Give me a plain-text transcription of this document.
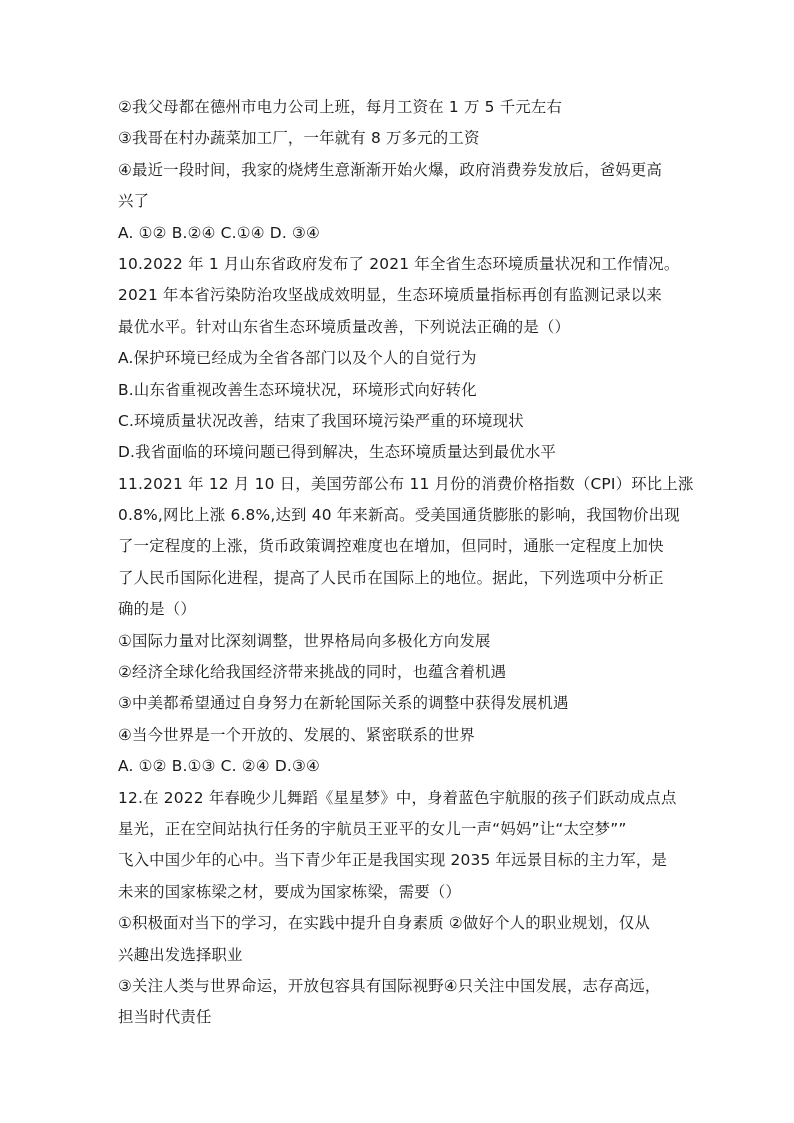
②我父母都在德州市电力公司上班，每月工资在 1 万 5 千元左右
③我哥在村办蔬菜加工厂，一年就有 8 万多元的工资
④最近一段时间，我家的烧烤生意渐渐开始火爆，政府消费券发放后，爸妈更高
兴了
A. ①② B.②④ C.①④ D. ③④
10.2022 年 1 月山东省政府发布了 2021 年全省生态环境质量状况和工作情况。
2021 年本省污染防治攻坚战成效明显，生态环境质量指标再创有监测记录以来
最优水平。针对山东省生态环境质量改善，下列说法正确的是（）
A.保护环境已经成为全省各部门以及个人的自觉行为
B.山东省重视改善生态环境状况，环境形式向好转化
C.环境质量状况改善，结束了我国环境污染严重的环境现状
D.我省面临的环境问题已得到解决，生态环境质量达到最优水平
11.2021 年 12 月 10 日，美国劳部公布 11 月份的消费价格指数（CPI）环比上涨
0.8%,网比上涨 6.8%,达到 40 年来新高。受美国通货膨胀的影响，我国物价出现
了一定程度的上涨，货币政策调控难度也在增加，但同时，通胀一定程度上加快
了人民币国际化进程，提高了人民币在国际上的地位。据此，下列选项中分析正
确的是（）
①国际力量对比深刻调整，世界格局向多极化方向发展
②经济全球化给我国经济带来挑战的同时，也蕴含着机遇
③中美都希望通过自身努力在新轮国际关系的调整中获得发展机遇
④当今世界是一个开放的、发展的、紧密联系的世界
A. ①② B.①③ C. ②④ D.③④
12.在 2022 年春晚少儿舞蹈《星星梦》中，身着蓝色宇航服的孩子们跃动成点点
星光，正在空间站执行任务的宇航员王亚平的女儿一声“妈妈”让“太空梦””
飞入中国少年的心中。当下青少年正是我国实现 2035 年远景目标的主力军，是
未来的国家栋梁之材，要成为国家栋梁，需要（）
①积极面对当下的学习，在实践中提升自身素质 ②做好个人的职业规划，仅从
兴趣出发选择职业
③关注人类与世界命运，开放包容具有国际视野④只关注中国发展，志存高远，
担当时代责任
